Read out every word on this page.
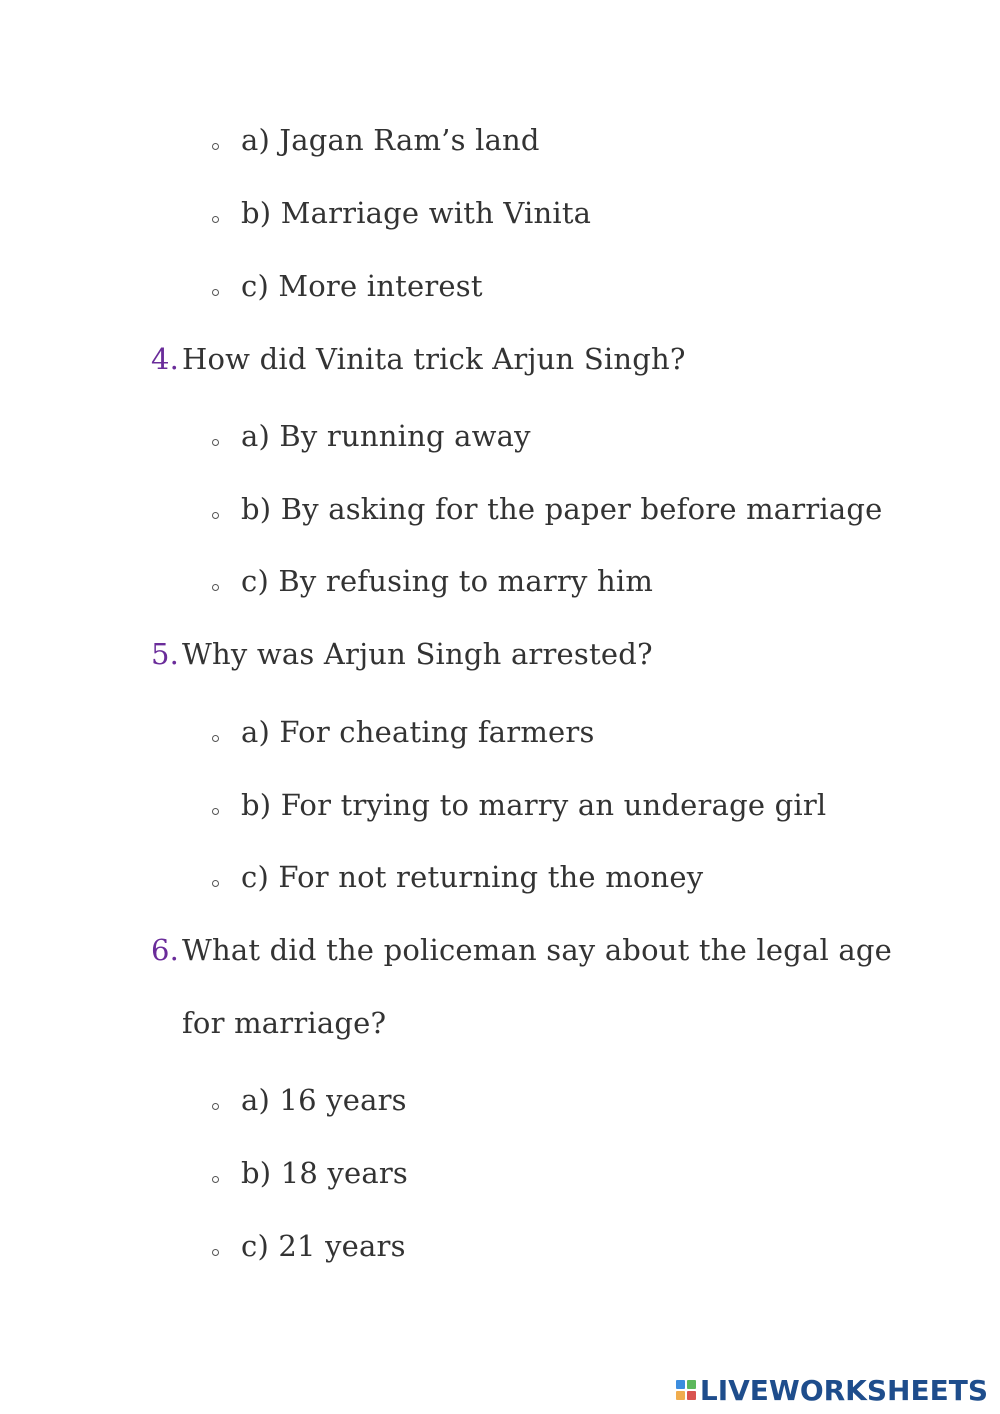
a) Jagan Ram’s land
b) Marriage with Vinita
c) More interest
4. How did Vinita trick Arjun Singh?
a) By running away
b) By asking for the paper before marriage
c) By refusing to marry him
5. Why was Arjun Singh arrested?
a) For cheating farmers
b) For trying to marry an underage girl
c) For not returning the money
6. What did the policeman say about the legal age
for marriage?
a) 16 years
b) 18 years
c) 21 years
LIVEWORKSHEETS
